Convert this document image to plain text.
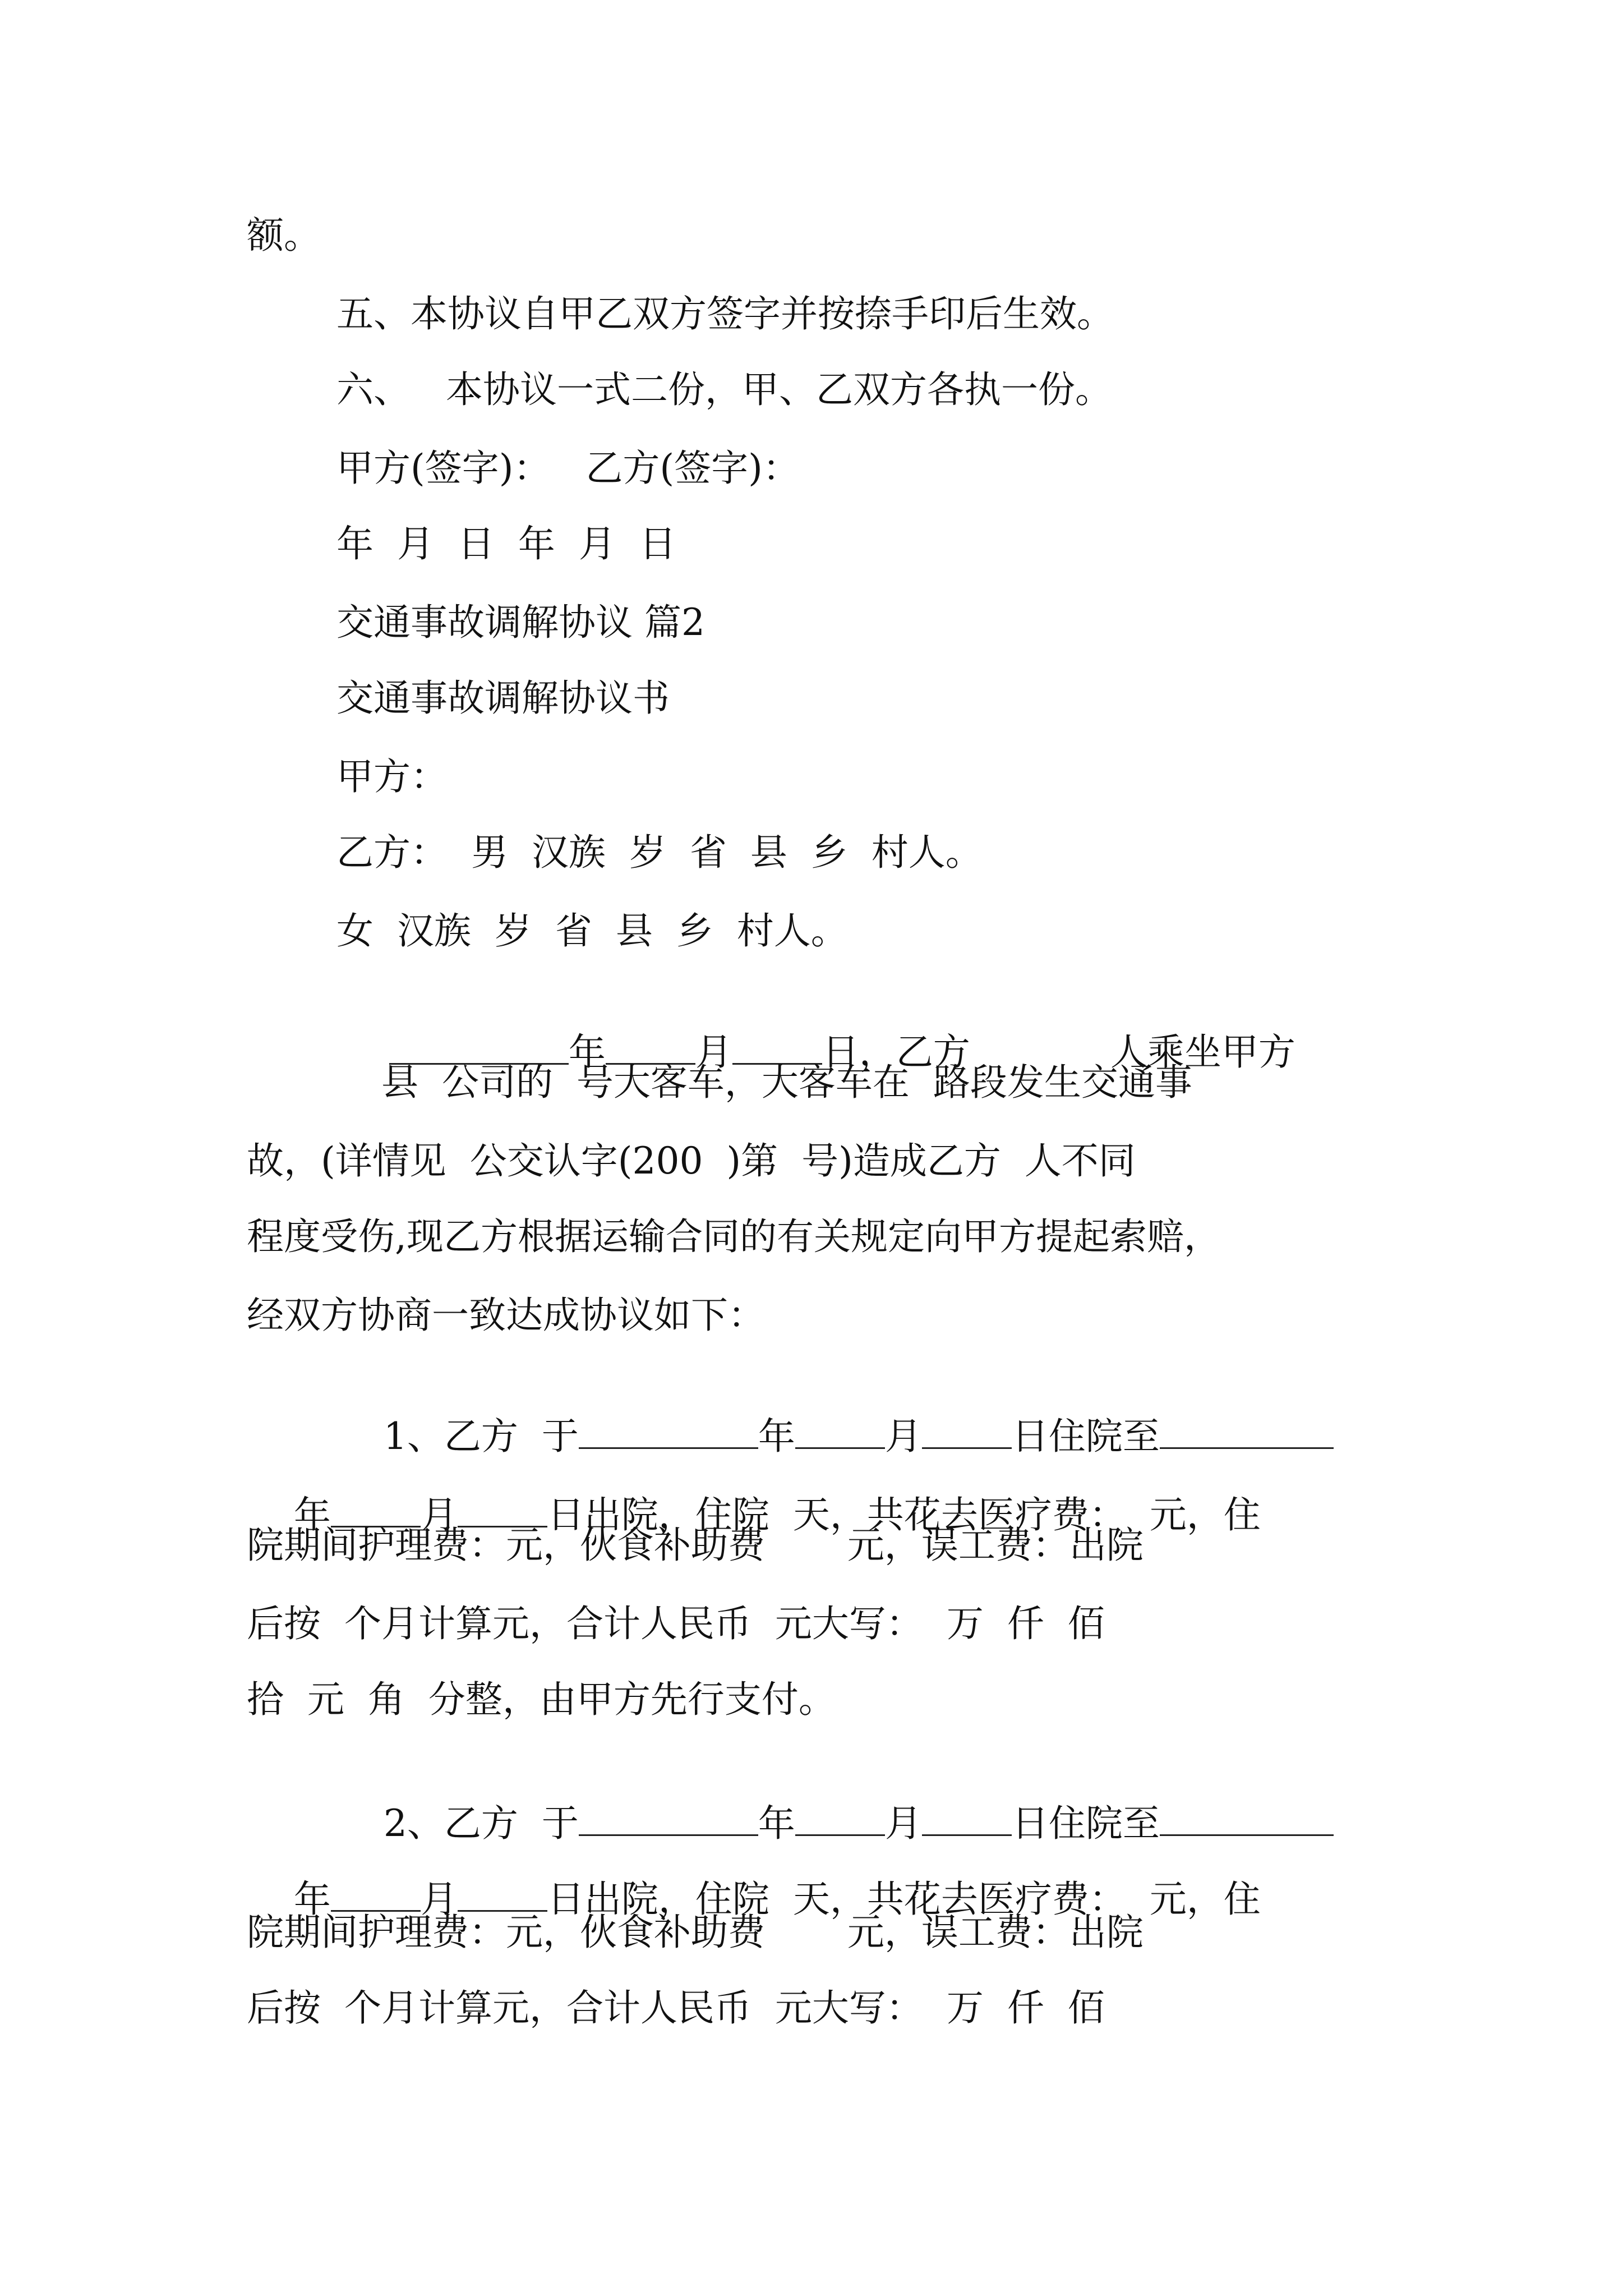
额。
五、本协议自甲乙双方签字并按捺手印后生效。
六、   本协议一式二份，甲、乙双方各执一份。
甲方(签字)：   乙方(签字)：
年  月  日  年  月  日
交通事故调解协议 篇2
交通事故调解协议书
甲方：
乙方：  男  汉族  岁  省  县  乡  村人。
女  汉族  岁  省  县  乡  村人。

年 月 日，乙方	人乘坐甲方

县  公司的  号大客车，大客车在  路段发生交通事
故，(详情见  公交认字(200  )第  号)造成乙方  人不同
程度受伤,现乙方根据运输合同的有关规定向甲方提起索赔，
经双方协商一致达成协议如下：

1、乙方  于	年 月 日住院至

年 月 日出院，住院  天，共花去医疗费：  元，住

院期间护理费：元，伙食补助费       元，误工费：出院
后按  个月计算元，合计人民币  元大写：  万  仟  佰
拾  元  角  分整，由甲方先行支付。

2、乙方  于	年 月 日住院至

年 月 日出院，住院  天，共花去医疗费：  元，住

院期间护理费：元，伙食补助费       元，误工费：出院
后按  个月计算元，合计人民币  元大写：  万  仟  佰
